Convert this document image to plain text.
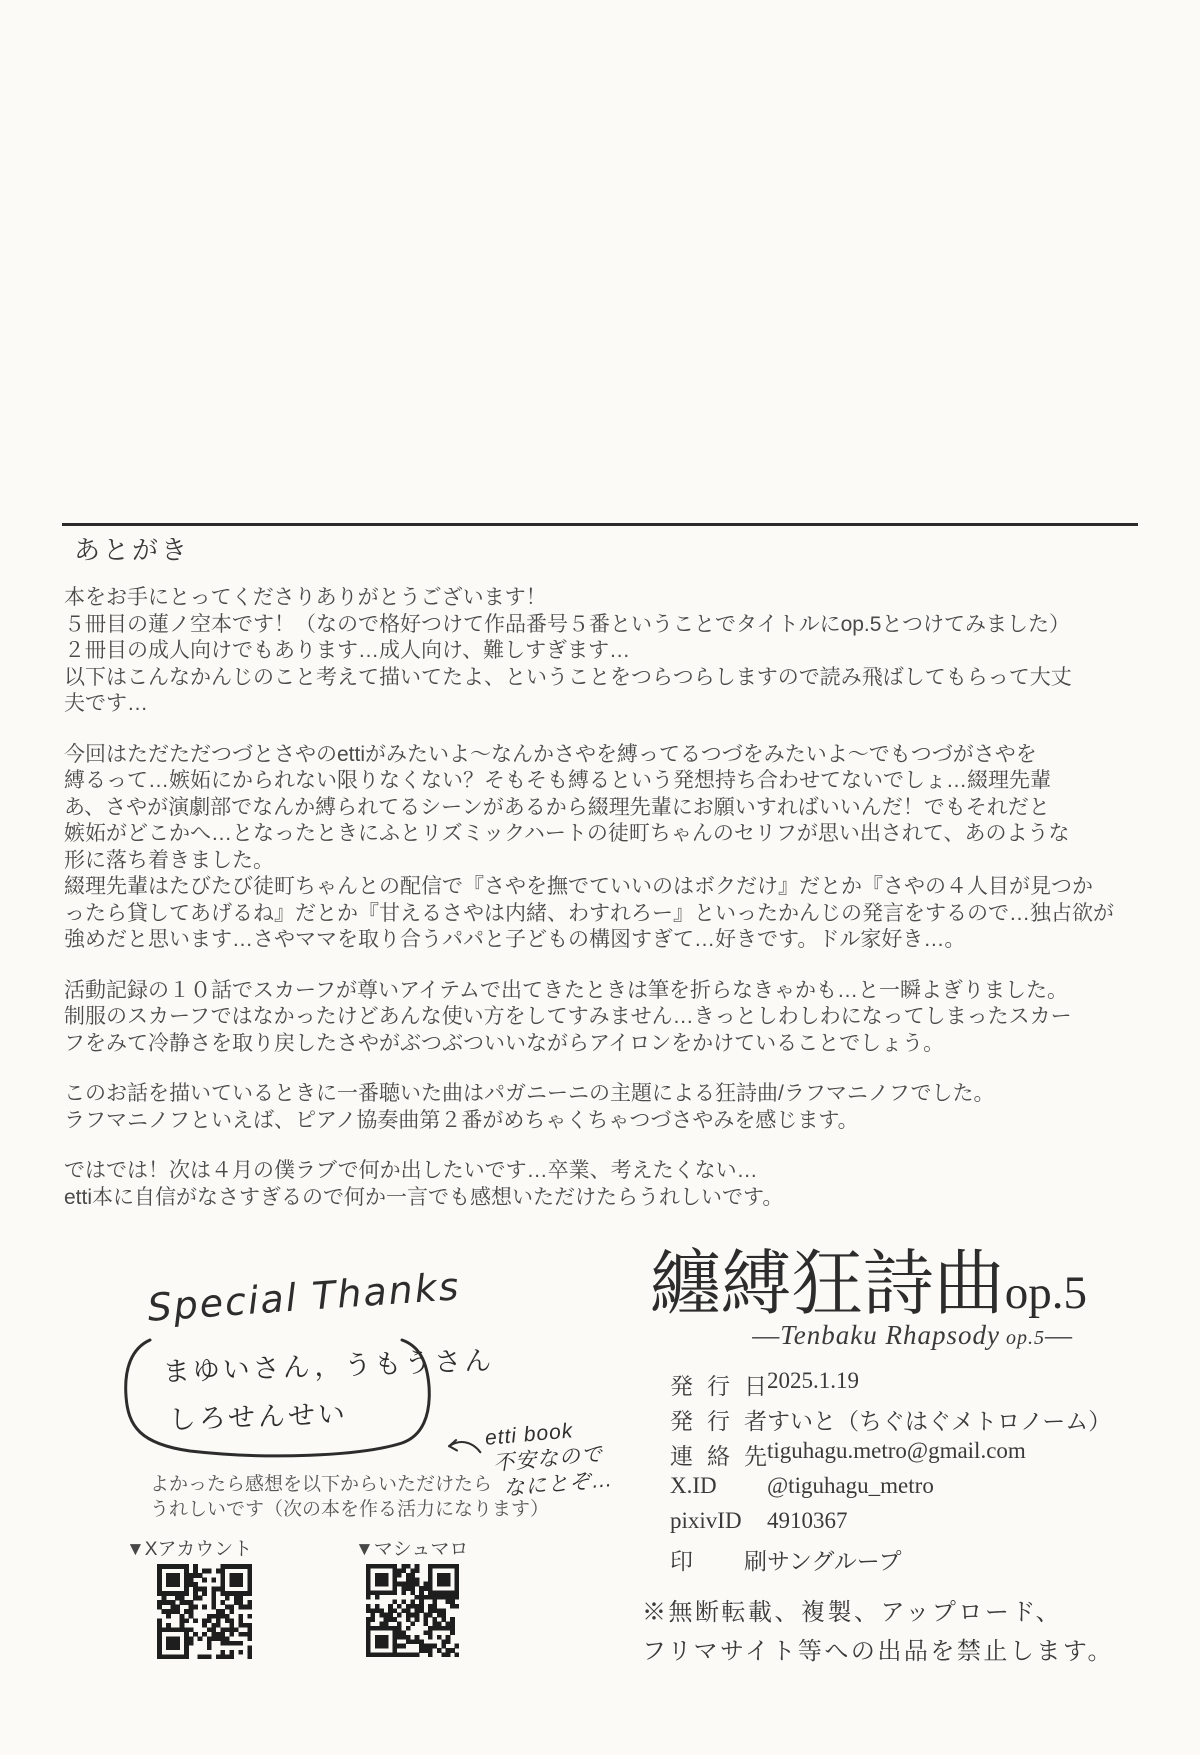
あとがき
本をお手にとってくださりありがとうございます！
５冊目の蓮ノ空本です！（なので格好つけて作品番号５番ということでタイトルにop.5とつけてみました）
２冊目の成人向けでもあります…成人向け、難しすぎます…
以下はこんなかんじのこと考えて描いてたよ、ということをつらつらしますので読み飛ばしてもらって大丈
夫です…
今回はただただつづとさやのettiがみたいよ～なんかさやを縛ってるつづをみたいよ～でもつづがさやを
縛るって…嫉妬にかられない限りなくない？そもそも縛るという発想持ち合わせてないでしょ…綴理先輩
あ、さやが演劇部でなんか縛られてるシーンがあるから綴理先輩にお願いすればいいんだ！でもそれだと
嫉妬がどこかへ…となったときにふとリズミックハートの徒町ちゃんのセリフが思い出されて、あのような
形に落ち着きました。
綴理先輩はたびたび徒町ちゃんとの配信で『さやを撫でていいのはボクだけ』だとか『さやの４人目が見つか
ったら貸してあげるね』だとか『甘えるさやは内緒、わすれろー』といったかんじの発言をするので…独占欲が
強めだと思います…さやママを取り合うパパと子どもの構図すぎて…好きです。ドル家好き…。
活動記録の１０話でスカーフが尊いアイテムで出てきたときは筆を折らなきゃかも…と一瞬よぎりました。
制服のスカーフではなかったけどあんな使い方をしてすみません…きっとしわしわになってしまったスカー
フをみて冷静さを取り戻したさやがぶつぶついいながらアイロンをかけていることでしょう。
このお話を描いているときに一番聴いた曲はパガニーニの主題による狂詩曲/ラフマニノフでした。
ラフマニノフといえば、ピアノ協奏曲第２番がめちゃくちゃつづさやみを感じます。
ではでは！次は４月の僕ラブで何か出したいです…卒業、考えたくない…
etti本に自信がなさすぎるので何か一言でも感想いただけたらうれしいです。
Special Thanks
まゆいさん，うもうさん
しろせんせい	etti book
不安なので
なにとぞ…
よかったら感想を以下からいただけたら
うれしいです（次の本を作る活力になります）
▼Xアカウント	▼マシュマロ
纏縛狂詩曲op.5
―Tenbaku Rhapsody op.5―
発 行 日 2025.1.19
発 行 者 すいと（ちぐはぐメトロノーム）
連 絡 先 tiguhagu.metro@gmail.com
X.ID	@tiguhagu_metro
pixivID	4910367
印 刷 サングループ
※無断転載、複製、アップロード、
フリマサイト等への出品を禁止します。
